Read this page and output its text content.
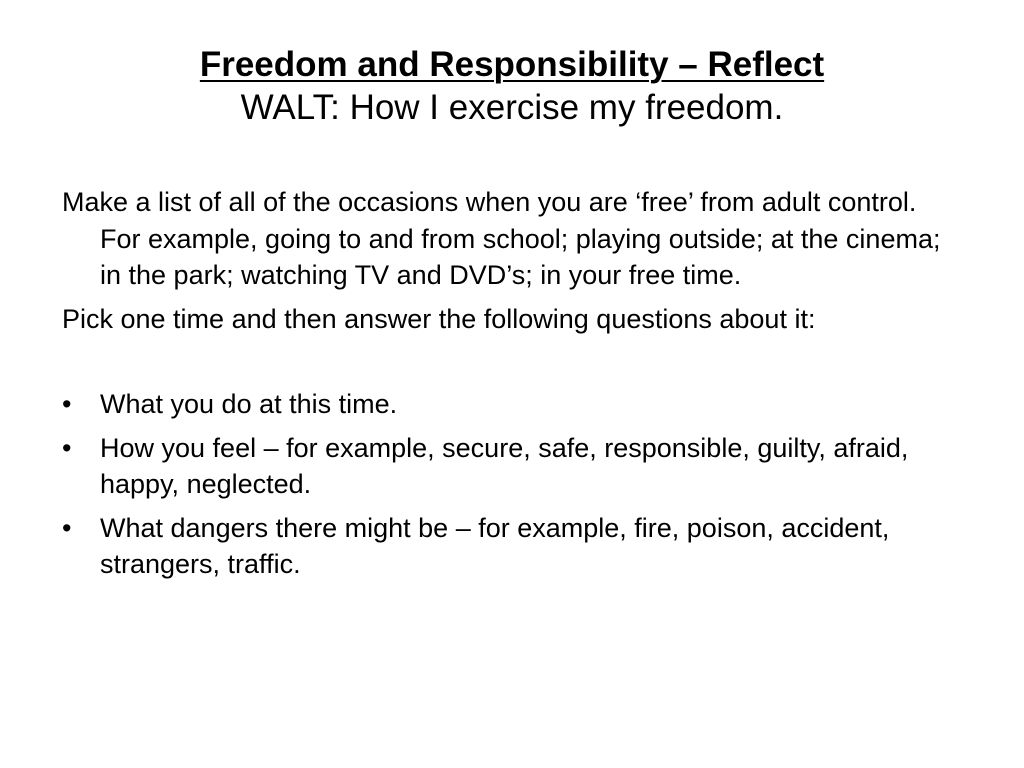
Freedom and Responsibility – Reflect
WALT: How I exercise my freedom.

Make a list of all of the occasions when you are ‘free’ from adult control. For example, going to and from school; playing outside; at the cinema; in the park; watching TV and DVD’s; in your free time.

Pick one time and then answer the following questions about it:

•	What you do at this time.
•	How you feel – for example, secure, safe, responsible, guilty, afraid, happy, neglected.
•	What dangers there might be – for example, fire, poison, accident, strangers, traffic.
